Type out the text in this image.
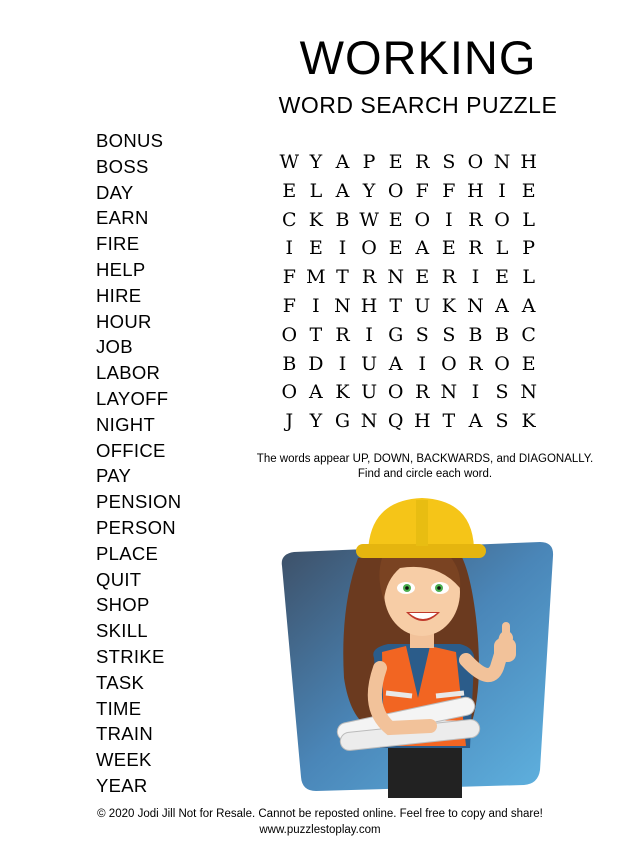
WORKING
WORD SEARCH PUZZLE
BONUS
BOSS
DAY
EARN
FIRE
HELP
HIRE
HOUR
JOB
LABOR
LAYOFF
NIGHT
OFFICE
PAY
PENSION
PERSON
PLACE
QUIT
SHOP
SKILL
STRIKE
TASK
TIME
TRAIN
WEEK
YEAR
W Y A P E R S O N H
E L A Y O F F H I E
C K B W E O I R O L
I E I O E A E R L P
F M T R N E R I E L
F I N H T U K N A A
O T R I G S S B B C
B D I U A I O R O E
O A K U O R N I S N
J Y G N Q H T A S K
The words appear UP, DOWN, BACKWARDS, and DIAGONALLY.
Find and circle each word.
© 2020 Jodi Jill Not for Resale. Cannot be reposted online. Feel free to copy and share!
www.puzzlestoplay.com
